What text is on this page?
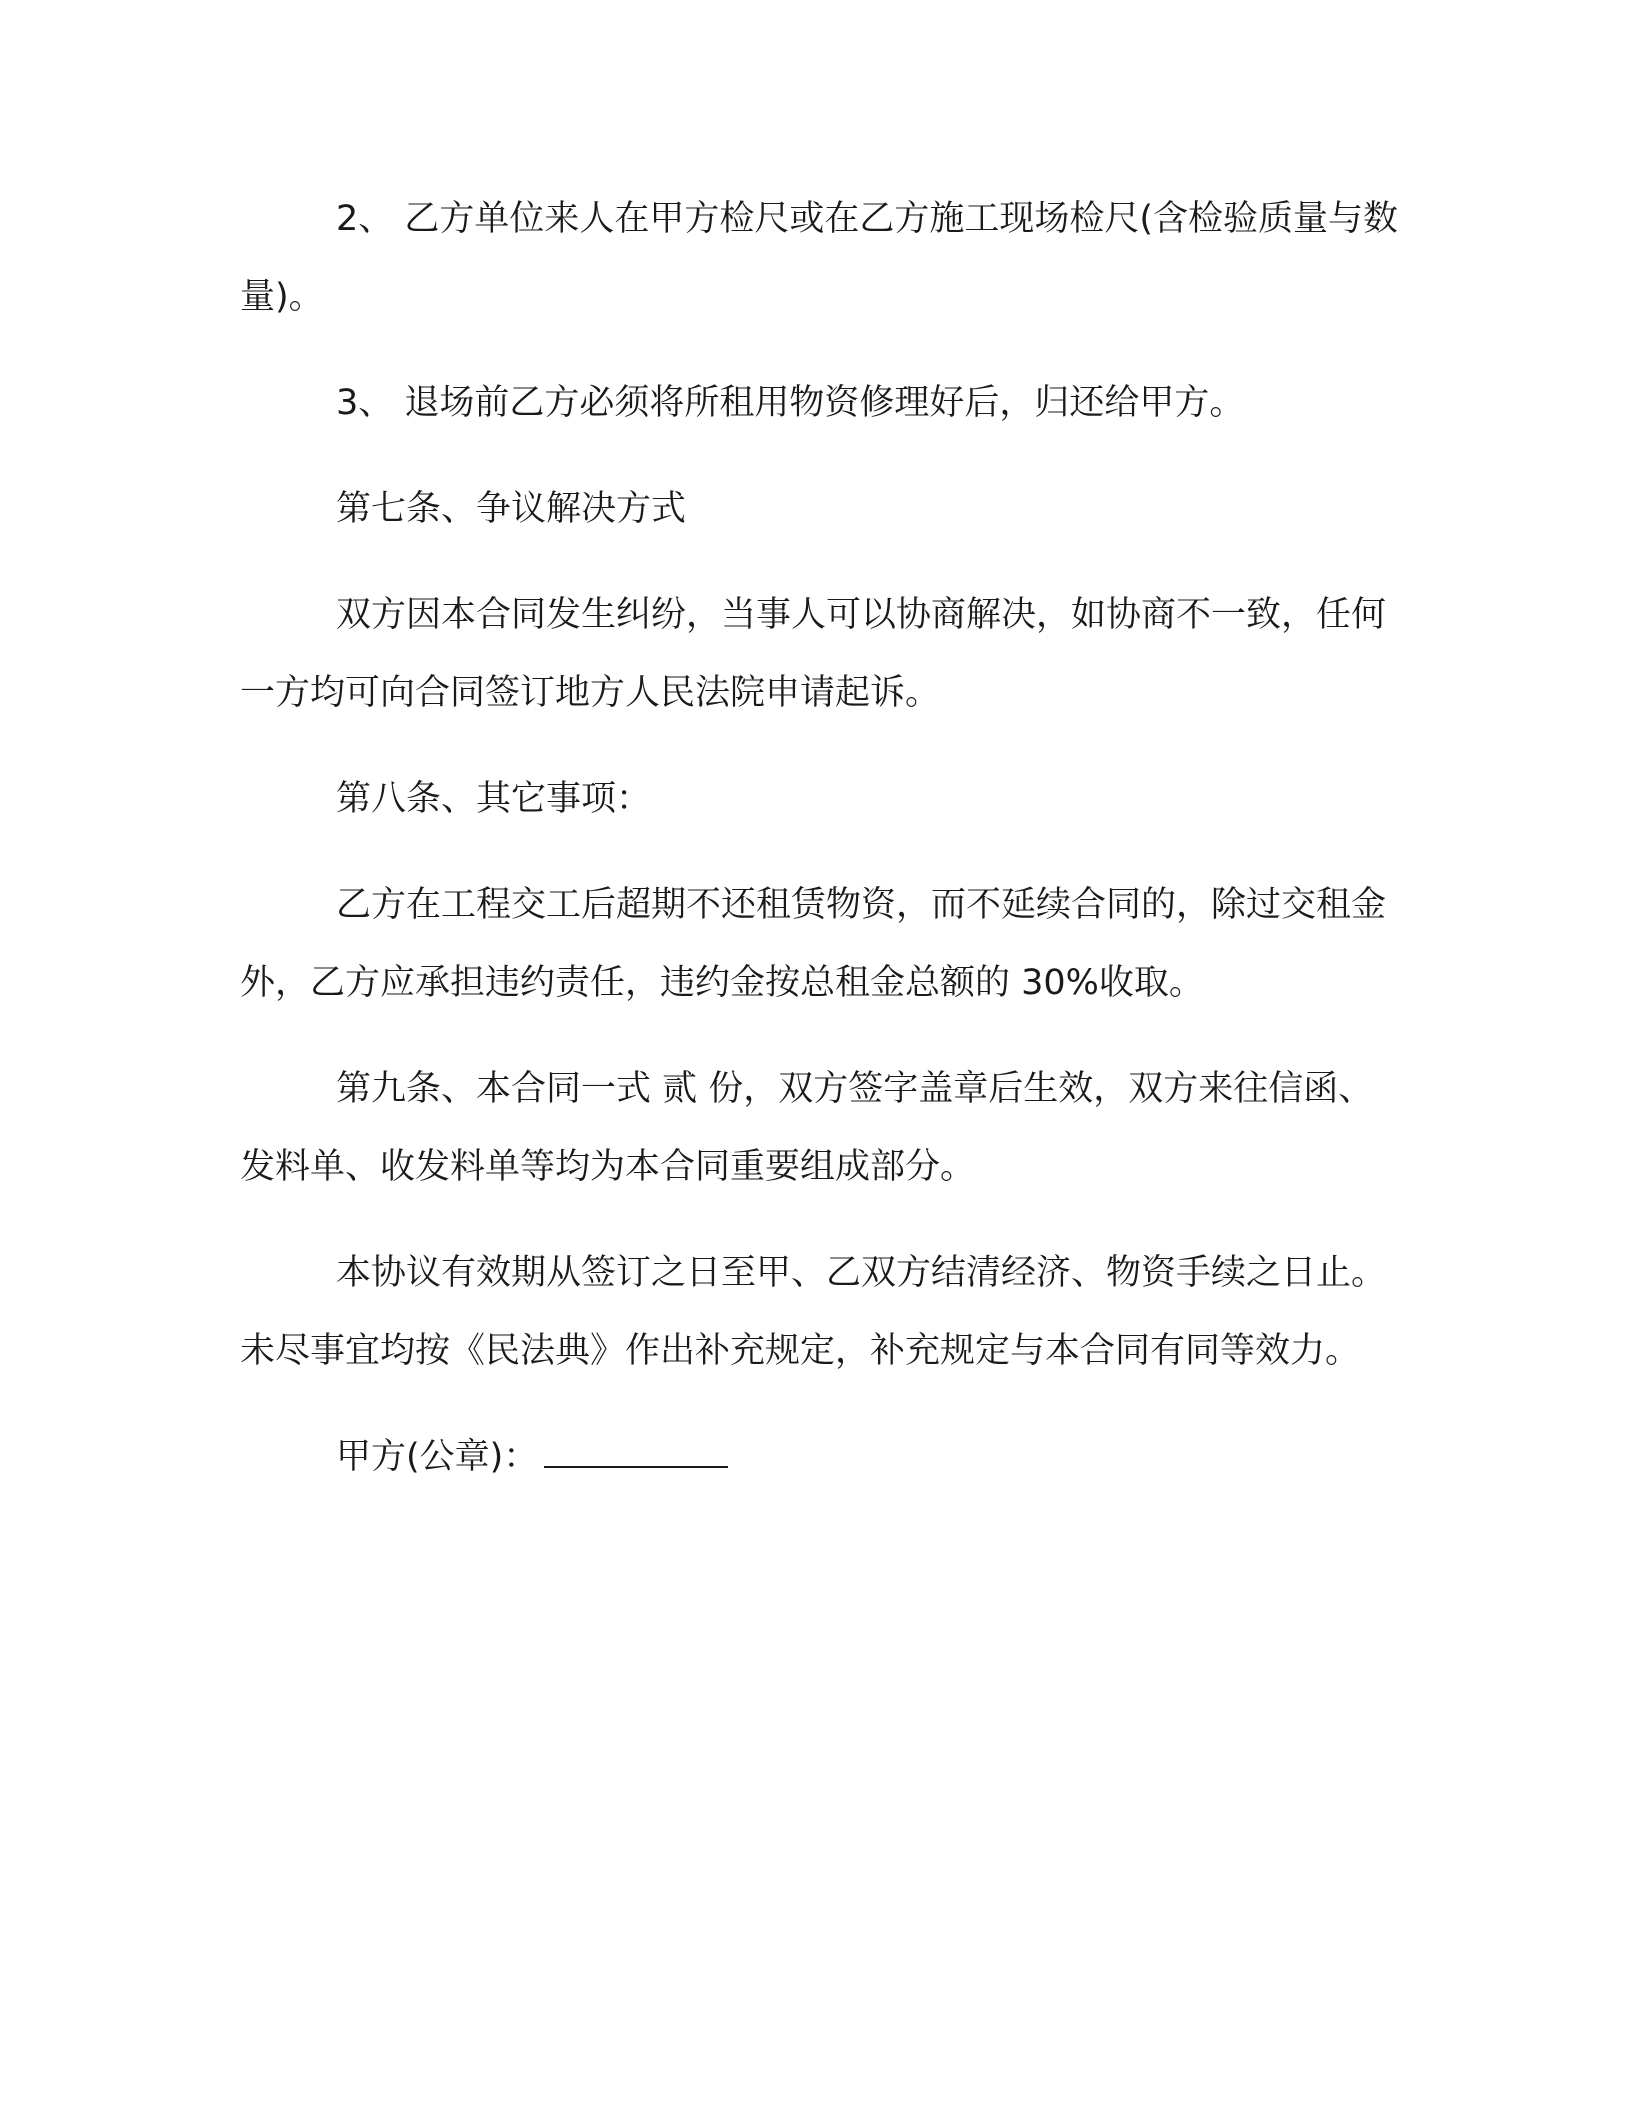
2、 乙方单位来人在甲方检尺或在乙方施工现场检尺(含检验质量与数量)。

3、 退场前乙方必须将所租用物资修理好后，归还给甲方。

第七条、争议解决方式

双方因本合同发生纠纷，当事人可以协商解决，如协商不一致，任何一方均可向合同签订地方人民法院申请起诉。

第八条、其它事项：

乙方在工程交工后超期不还租赁物资，而不延续合同的，除过交租金外，乙方应承担违约责任，违约金按总租金总额的 30%收取。

第九条、本合同一式 贰 份，双方签字盖章后生效，双方来往信函、发料单、收发料单等均为本合同重要组成部分。

本协议有效期从签订之日至甲、乙双方结清经济、物资手续之日止。未尽事宜均按《民法典》作出补充规定，补充规定与本合同有同等效力。

甲方(公章)：
